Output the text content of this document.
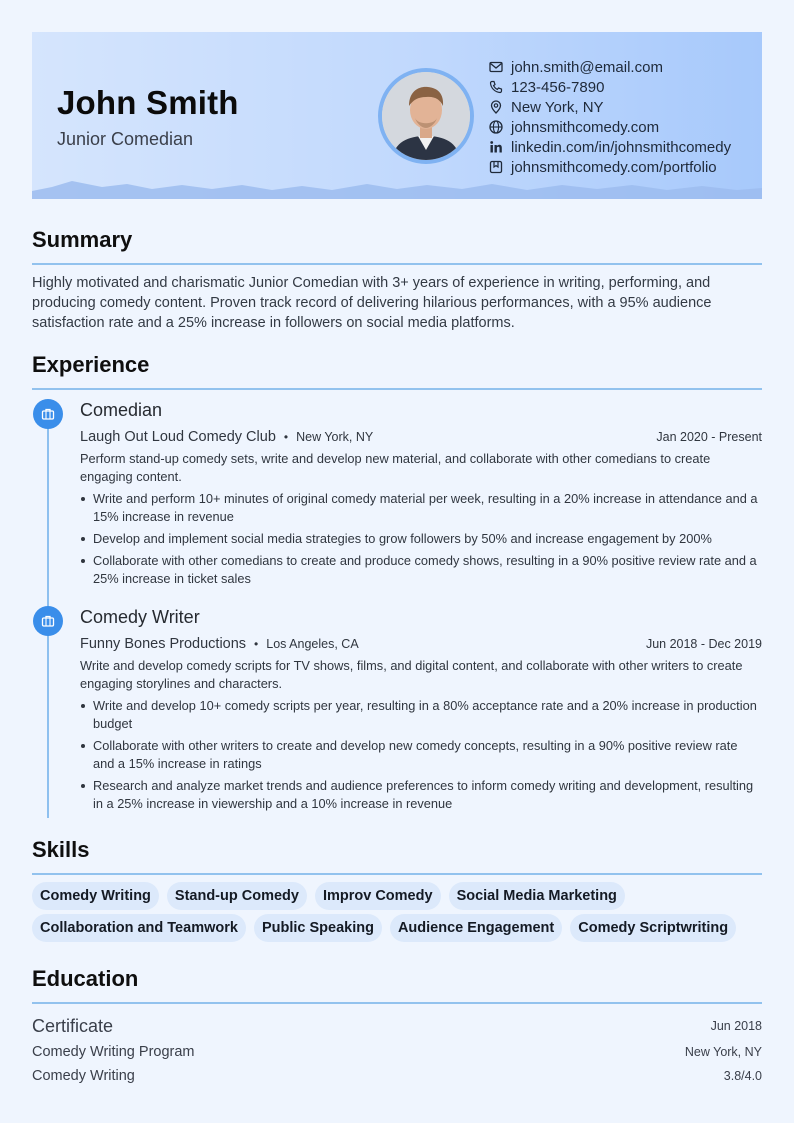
John Smith
Junior Comedian
john.smith@email.com
123-456-7890
New York, NY
johnsmithcomedy.com
linkedin.com/in/johnsmithcomedy
johnsmithcomedy.com/portfolio
Summary
Highly motivated and charismatic Junior Comedian with 3+ years of experience in writing, performing, and producing comedy content. Proven track record of delivering hilarious performances, with a 95% audience satisfaction rate and a 25% increase in followers on social media platforms.
Experience
Comedian
Laugh Out Loud Comedy Club • New York, NY	Jan 2020 - Present
Perform stand-up comedy sets, write and develop new material, and collaborate with other comedians to create engaging content.
Write and perform 10+ minutes of original comedy material per week, resulting in a 20% increase in attendance and a 15% increase in revenue
Develop and implement social media strategies to grow followers by 50% and increase engagement by 200%
Collaborate with other comedians to create and produce comedy shows, resulting in a 90% positive review rate and a 25% increase in ticket sales
Comedy Writer
Funny Bones Productions • Los Angeles, CA	Jun 2018 - Dec 2019
Write and develop comedy scripts for TV shows, films, and digital content, and collaborate with other writers to create engaging storylines and characters.
Write and develop 10+ comedy scripts per year, resulting in a 80% acceptance rate and a 20% increase in production budget
Collaborate with other writers to create and develop new comedy concepts, resulting in a 90% positive review rate and a 15% increase in ratings
Research and analyze market trends and audience preferences to inform comedy writing and development, resulting in a 25% increase in viewership and a 10% increase in revenue
Skills
Comedy Writing	Stand-up Comedy	Improv Comedy	Social Media Marketing
Collaboration and Teamwork	Public Speaking	Audience Engagement	Comedy Scriptwriting
Education
Certificate	Jun 2018
Comedy Writing Program	New York, NY
Comedy Writing	3.8/4.0
